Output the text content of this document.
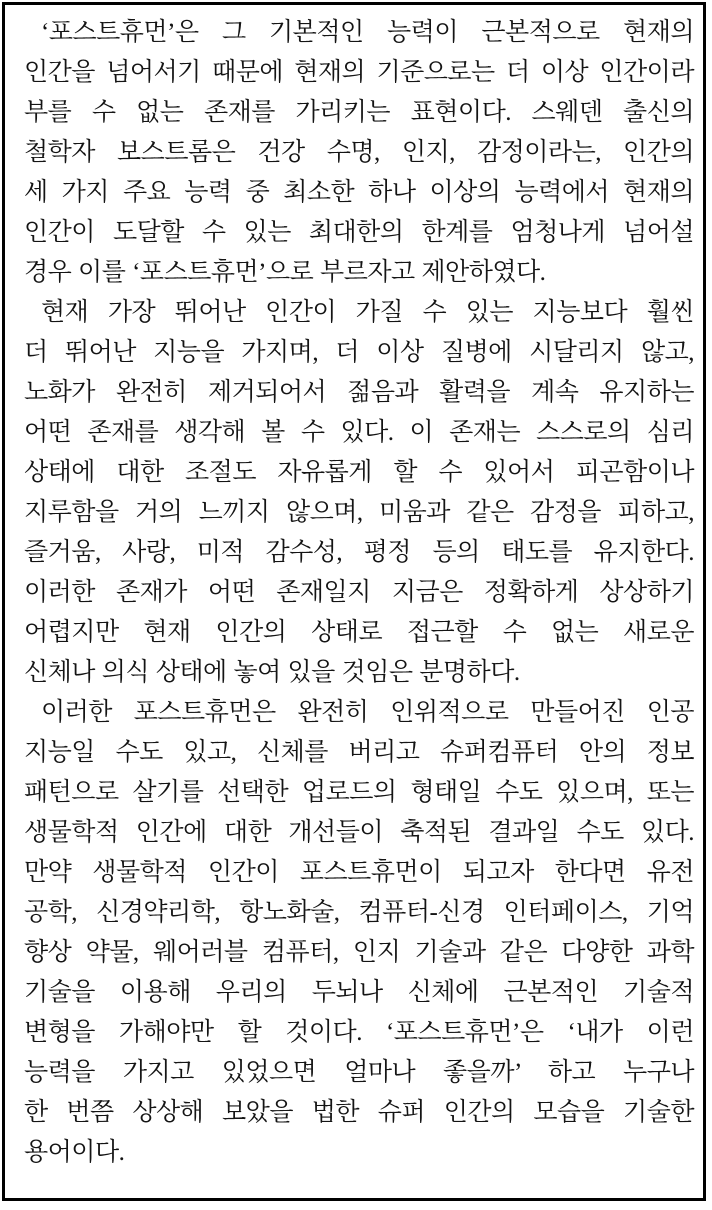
‘포스트휴먼’은 그 기본적인 능력이 근본적으로 현재의
인간을 넘어서기 때문에 현재의 기준으로는 더 이상 인간이라
부를 수 없는 존재를 가리키는 표현이다. 스웨덴 출신의
철학자 보스트롬은 건강 수명, 인지, 감정이라는, 인간의
세 가지 주요 능력 중 최소한 하나 이상의 능력에서 현재의
인간이 도달할 수 있는 최대한의 한계를 엄청나게 넘어설
경우 이를 ‘포스트휴먼’으로 부르자고 제안하였다.
현재 가장 뛰어난 인간이 가질 수 있는 지능보다 훨씬
더 뛰어난 지능을 가지며, 더 이상 질병에 시달리지 않고,
노화가 완전히 제거되어서 젊음과 활력을 계속 유지하는
어떤 존재를 생각해 볼 수 있다. 이 존재는 스스로의 심리
상태에 대한 조절도 자유롭게 할 수 있어서 피곤함이나
지루함을 거의 느끼지 않으며, 미움과 같은 감정을 피하고,
즐거움, 사랑, 미적 감수성, 평정 등의 태도를 유지한다.
이러한 존재가 어떤 존재일지 지금은 정확하게 상상하기
어렵지만 현재 인간의 상태로 접근할 수 없는 새로운
신체나 의식 상태에 놓여 있을 것임은 분명하다.
이러한 포스트휴먼은 완전히 인위적으로 만들어진 인공
지능일 수도 있고, 신체를 버리고 슈퍼컴퓨터 안의 정보
패턴으로 살기를 선택한 업로드의 형태일 수도 있으며, 또는
생물학적 인간에 대한 개선들이 축적된 결과일 수도 있다.
만약 생물학적 인간이 포스트휴먼이 되고자 한다면 유전
공학, 신경약리학, 항노화술, 컴퓨터-신경 인터페이스, 기억
향상 약물, 웨어러블 컴퓨터, 인지 기술과 같은 다양한 과학
기술을 이용해 우리의 두뇌나 신체에 근본적인 기술적
변형을 가해야만 할 것이다. ‘포스트휴먼’은 ‘내가 이런
능력을 가지고 있었으면 얼마나 좋을까’ 하고 누구나
한 번쯤 상상해 보았을 법한 슈퍼 인간의 모습을 기술한
용어이다.
